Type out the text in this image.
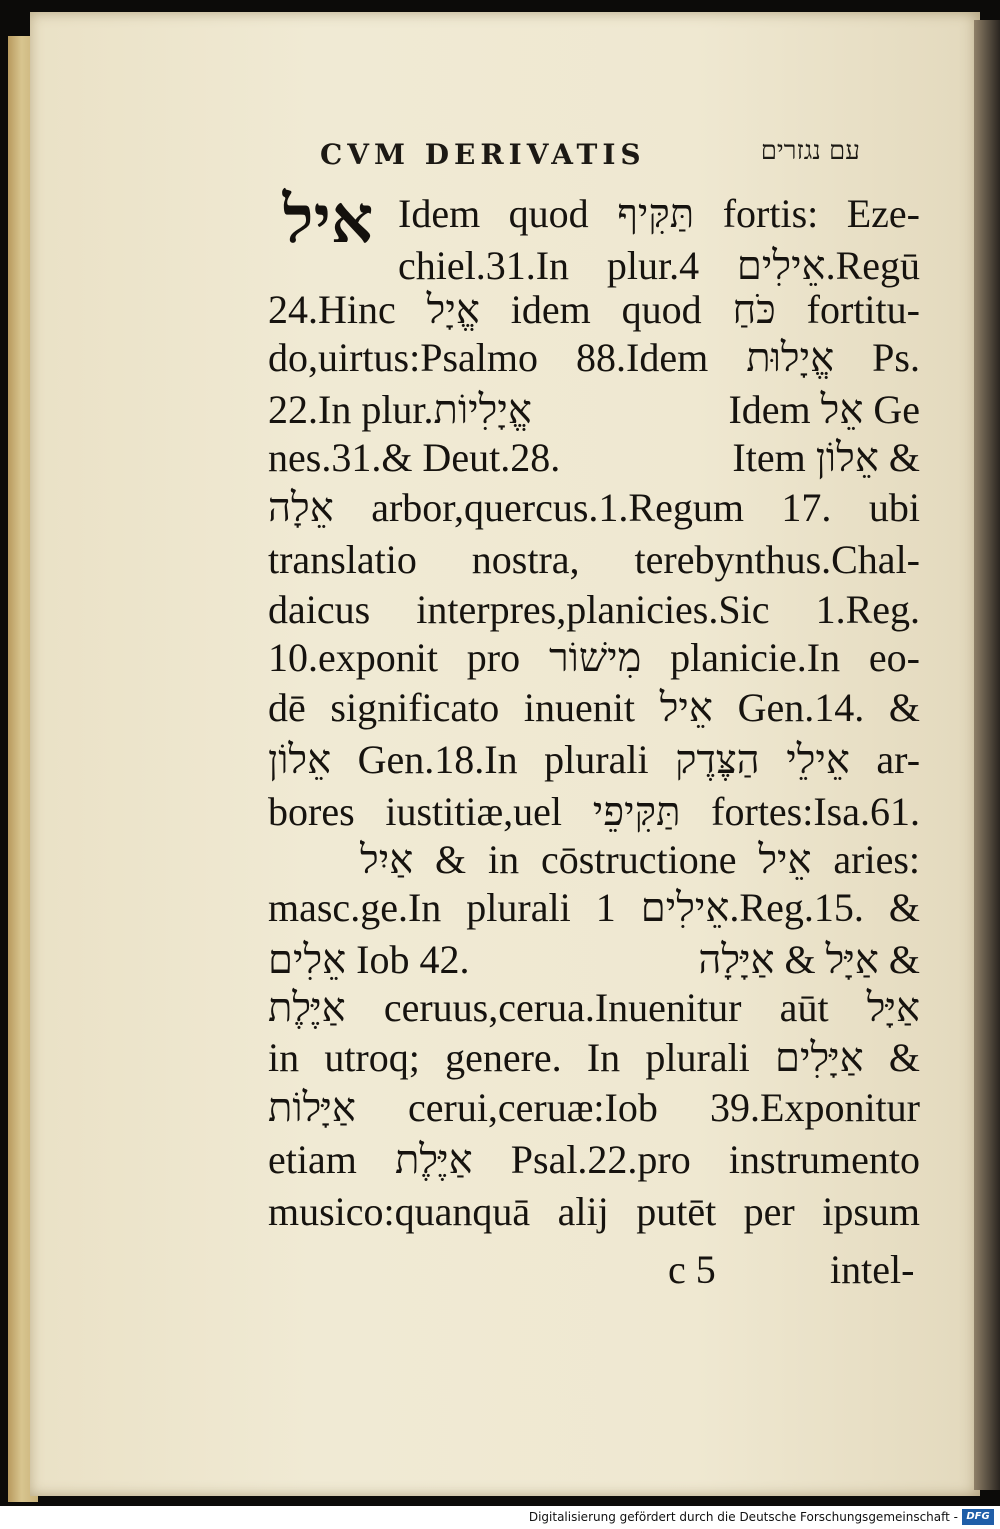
CVM DERIVATIS	עם נגזרים
איל Idem quod תַּקִּיף fortis: Eze-
chiel.31.In plur.אֵילִים 4.Regū
24.Hinc אֱיָל idem quod כֹּחַ fortitu-
do,uirtus:Psalmo 88.Idem אֱיָלוּת Ps.
22.In plur.אֱיָלִיוֹת	Idem אֵל Ge
nes.31.& Deut.28.	Item אֵלוֹן &
אֵלָה arbor,quercus.1.Regum 17. ubi
translatio nostra, terebynthus.Chal-
daicus interpres,planicies.Sic 1.Reg.
10.exponit pro מִישׁוֹר planicie.In eo-
dē significato inuenit אֵיל Gen.14. &
אֵלוֹן Gen.18.In plurali אֵילֵי הַצֶּדֶק ar-
bores iustitiæ,uel תַּקִּיפֵי fortes:Isa.61.
אַיִל & in cōstructione אֵיל aries:
masc.ge.In plurali אֵילִים 1.Reg.15. &
אֵלִים Iob 42.	אַיָּל & אַיָּלָה &
אַיֶּלֶת ceruus,cerua.Inuenitur aūt אַיָּל
in utroq; genere. In plurali אַיָּלִים &
אַיָּלוֹת cerui,ceruæ:Iob 39.Exponitur
etiam אַיֶּלֶת Psal.22.pro instrumento
musico:quanquā alij putēt per ipsum
c 5	intel-
Digitalisierung gefördert durch die Deutsche Forschungsgemeinschaft - DFG
